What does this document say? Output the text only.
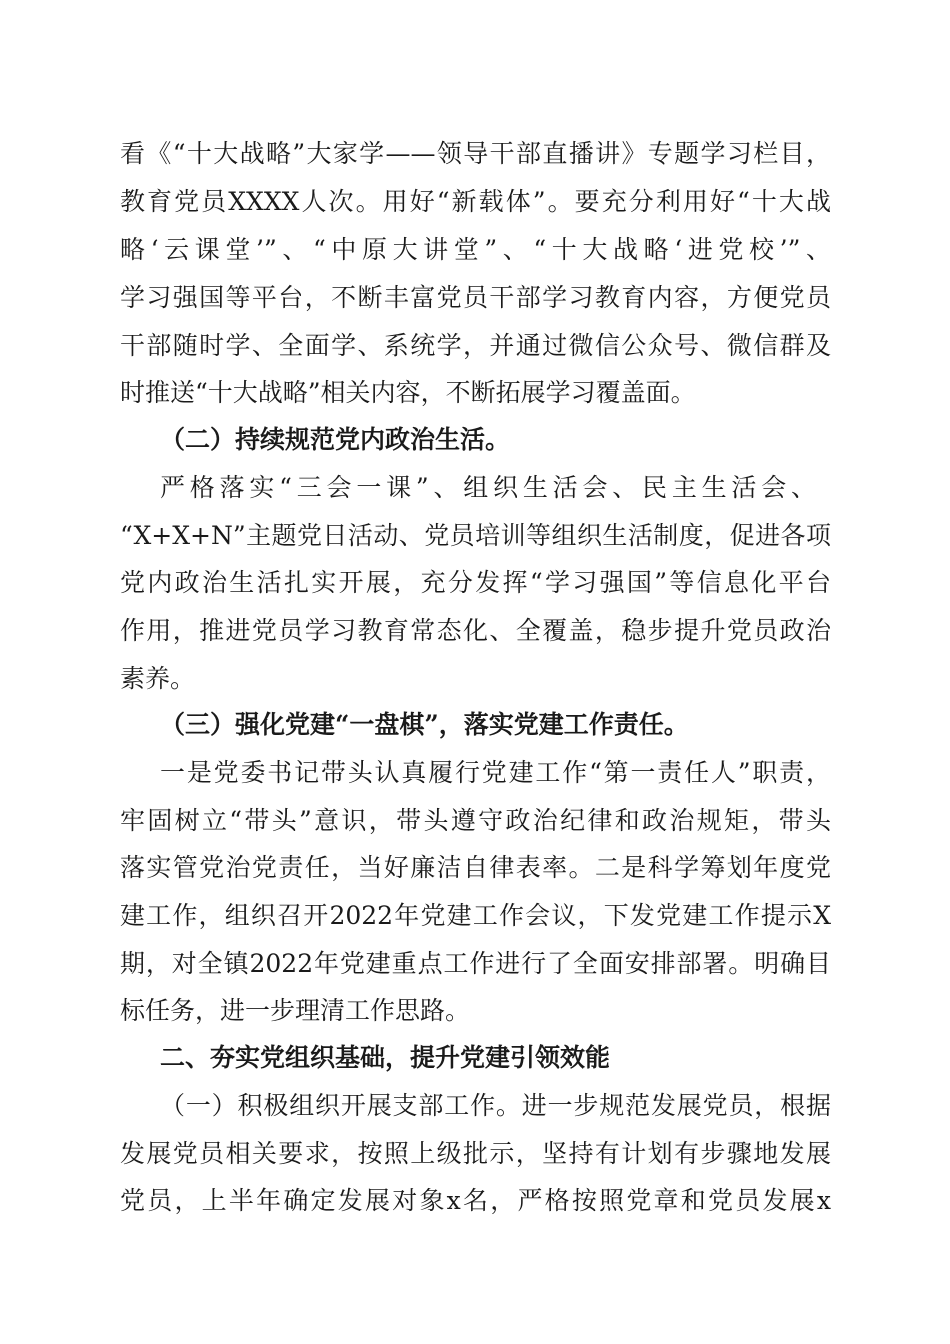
看《“十大战略”大家学——领导干部直播讲》专题学习栏目，
教育党员XXXX人次。用好“新载体”。要充分利用好“十大战
略‘云课堂’”、“中原大讲堂”、“十大战略‘进党校’”、
学习强国等平台，不断丰富党员干部学习教育内容，方便党员
干部随时学、全面学、系统学，并通过微信公众号、微信群及
时推送“十大战略”相关内容，不断拓展学习覆盖面。
（二）持续规范党内政治生活。
严格落实“三会一课”、组织生活会、民主生活会、
“X+X+N”主题党日活动、党员培训等组织生活制度，促进各项
党内政治生活扎实开展，充分发挥“学习强国”等信息化平台
作用，推进党员学习教育常态化、全覆盖，稳步提升党员政治
素养。
（三）强化党建“一盘棋”，落实党建工作责任。
一是党委书记带头认真履行党建工作“第一责任人”职责，
牢固树立“带头”意识，带头遵守政治纪律和政治规矩，带头
落实管党治党责任，当好廉洁自律表率。二是科学筹划年度党
建工作，组织召开2022年党建工作会议，下发党建工作提示X
期，对全镇2022年党建重点工作进行了全面安排部署。明确目
标任务，进一步理清工作思路。
二、夯实党组织基础，提升党建引领效能
（一）积极组织开展支部工作。进一步规范发展党员，根据
发展党员相关要求，按照上级批示，坚持有计划有步骤地发展
党员，上半年确定发展对象x名，严格按照党章和党员发展x
